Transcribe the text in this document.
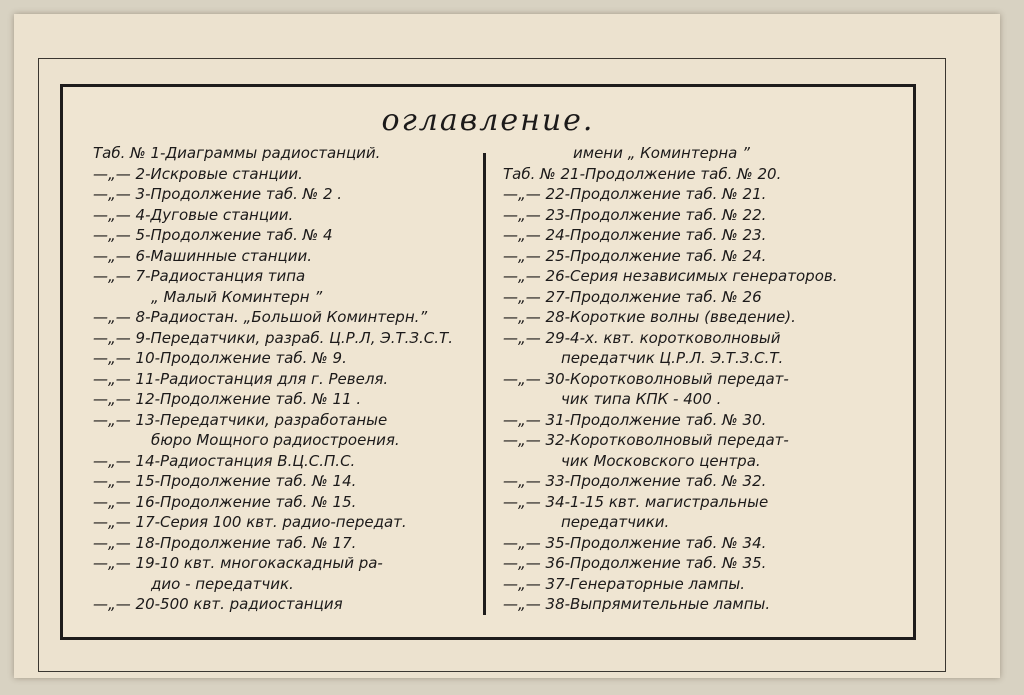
оглавление.
Таб. № 1-Диаграммы радиостанций.
—„— 2-Искровые станции.
—„— 3-Продолжение таб. № 2 .
—„— 4-Дуговые станции.
—„— 5-Продолжение таб. № 4
—„— 6-Машинные станции.
—„— 7-Радиостанция типа
„ Малый Коминтерн ”
—„— 8-Радиостан. „Большой Коминтерн.”
—„— 9-Передатчики, разраб. Ц.Р.Л, Э.Т.З.С.Т.
—„— 10-Продолжение таб. № 9.
—„— 11-Радиостанция для г. Ревеля.
—„— 12-Продолжение таб. № 11 .
—„— 13-Передатчики, разработаные
бюро Мощного радиостроения.
—„— 14-Радиостанция В.Ц.С.П.С.
—„— 15-Продолжение таб. № 14.
—„— 16-Продолжение таб. № 15.
—„— 17-Серия 100 квт. радио-передат.
—„— 18-Продолжение таб. № 17.
—„— 19-10 квт. многокаскадный ра-
дио - передатчик.
—„— 20-500 квт. радиостанция
имени „ Коминтерна ”
Таб. № 21-Продолжение таб. № 20.
—„— 22-Продолжение таб. № 21.
—„— 23-Продолжение таб. № 22.
—„— 24-Продолжение таб. № 23.
—„— 25-Продолжение таб. № 24.
—„— 26-Серия независимых генераторов.
—„— 27-Продолжение таб. № 26
—„— 28-Короткие волны (введение).
—„— 29-4-х. квт. коротковолновый
передатчик Ц.Р.Л. Э.Т.З.С.Т.
—„— 30-Коротковолновый передат-
чик типа КПК - 400 .
—„— 31-Продолжение таб. № 30.
—„— 32-Коротковолновый передат-
чик Московского центра.
—„— 33-Продолжение таб. № 32.
—„— 34-1-15 квт. магистральные
передатчики.
—„— 35-Продолжение таб. № 34.
—„— 36-Продолжение таб. № 35.
—„— 37-Генераторные лампы.
—„— 38-Выпрямительные лампы.
